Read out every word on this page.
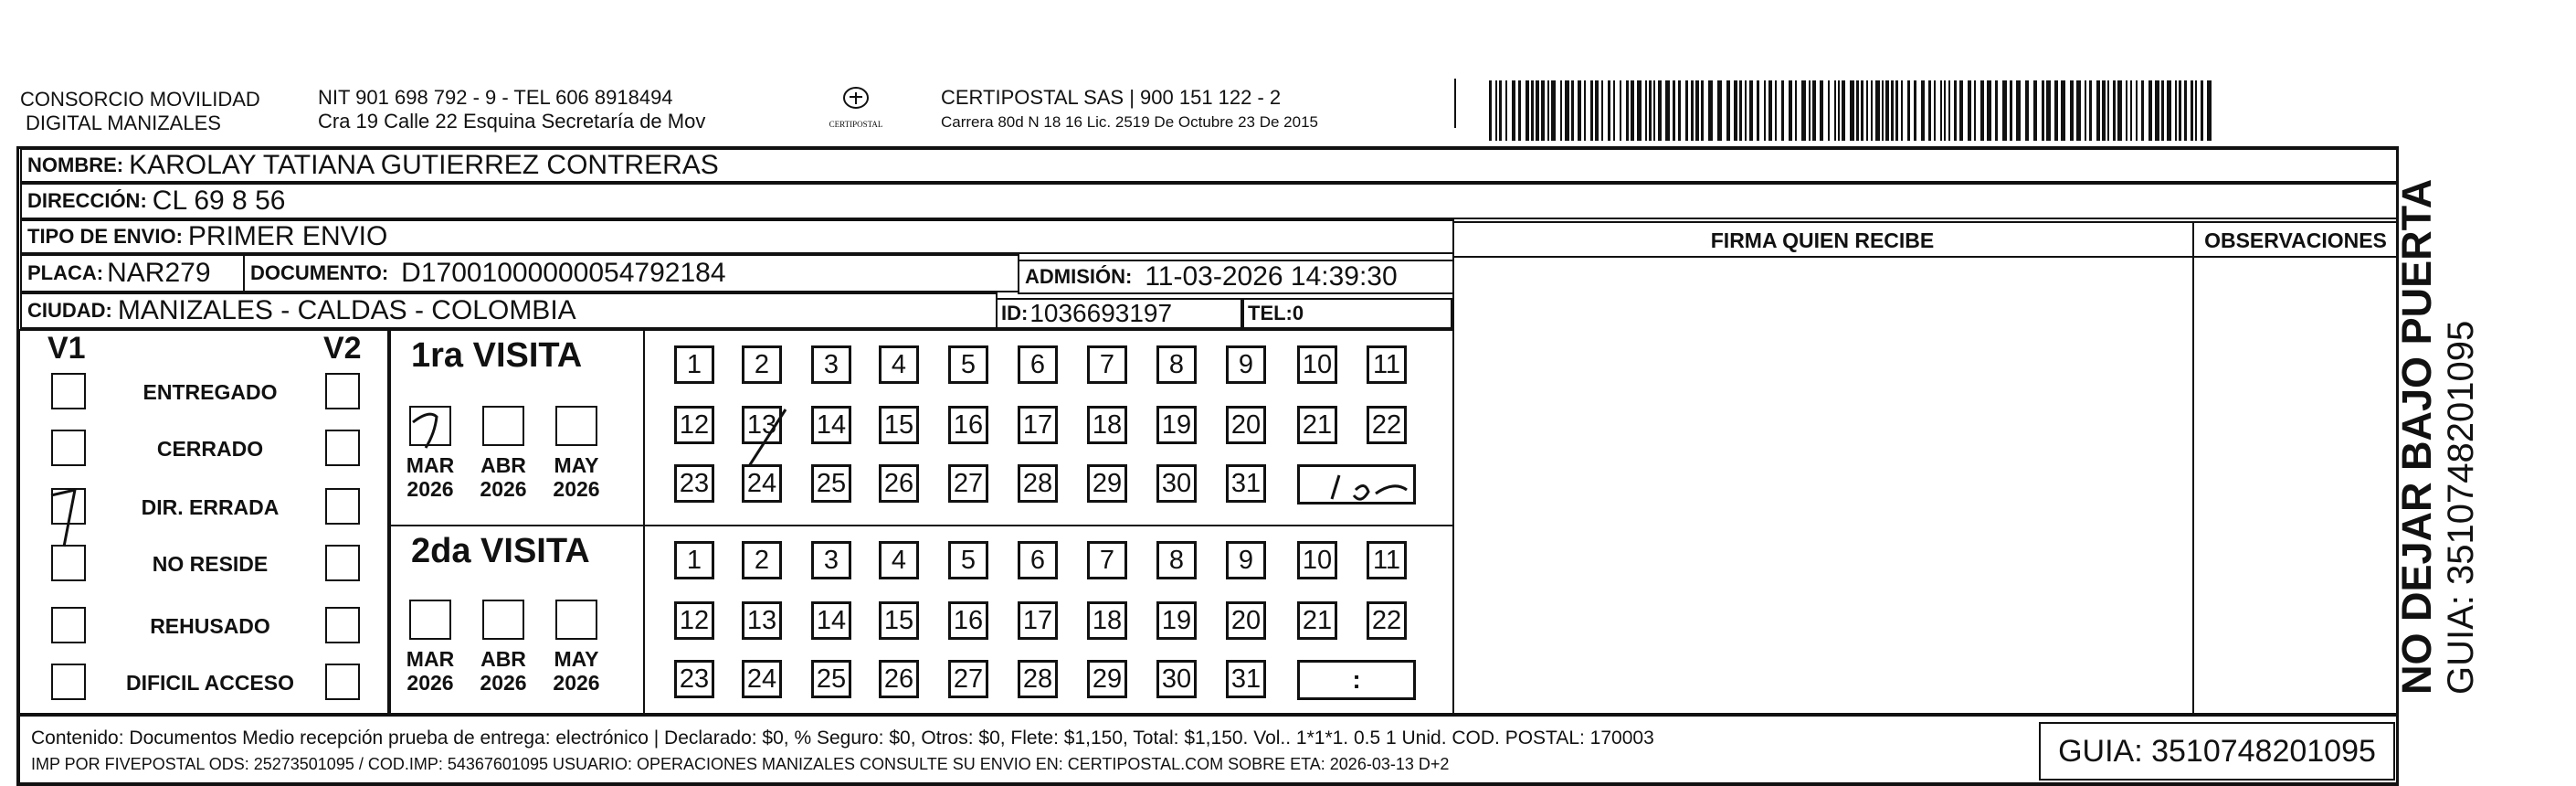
CONSORCIO MOVILIDAD
DIGITAL MANIZALES
NIT 901 698 792 - 9 - TEL 606 8918494
Cra 19 Calle 22 Esquina Secretaría de Mov	CERTIPOSTAL
CERTIPOSTAL SAS | 900 151 122 - 2
Carrera 80d N 18 16 Lic. 2519 De Octubre 23 De 2015
NOMBRE: KAROLAY TATIANA GUTIERREZ CONTRERAS
DIRECCIÓN: CL 69 8 56
TIPO DE ENVIO: PRIMER ENVIO
PLACA: NAR279 DOCUMENTO: D17001000000054792184	ADMISIÓN: 11-03-2026 14:39:30
CIUDAD: MANIZALES - CALDAS - COLOMBIA	ID: 1036693197	TEL: 0
FIRMA QUIEN RECIBE	OBSERVACIONES
V1	V2
ENTREGADO
CERRADO
DIR. ERRADA
NO RESIDE
REHUSADO
DIFICIL ACCESO
1ra VISITA
2da VISITA
MAR
2026
ABR
2026
MAY
2026
1	2	3	4	5	6	7	8	9	10 11
12 13 14 15 16 17 18 19 20 21 22
23 24 25 26 27 28 29 30 31
MAR
2026
ABR
2026
MAY
2026
1	2	3	4	5	6	7	8	9	10 11
12 13 14 15 16 17 18 19 20 21 22
23 24 25 26 27 28 29 30 31	:
Contenido: Documentos Medio recepción prueba de entrega: electrónico | Declarado: $0, % Seguro: $0, Otros: $0, Flete: $1,150, Total: $1,150. Vol.. 1*1*1. 0.5 1 Unid. COD. POSTAL: 170003
IMP POR FIVEPOSTAL ODS: 25273501095 / COD.IMP: 54367601095 USUARIO: OPERACIONES MANIZALES CONSULTE SU ENVIO EN: CERTIPOSTAL.COM SOBRE ETA: 2026-03-13 D+2	GUIA: 3510748201095
NO DEJAR BAJO PUERTA GUIA: 3510748201095
